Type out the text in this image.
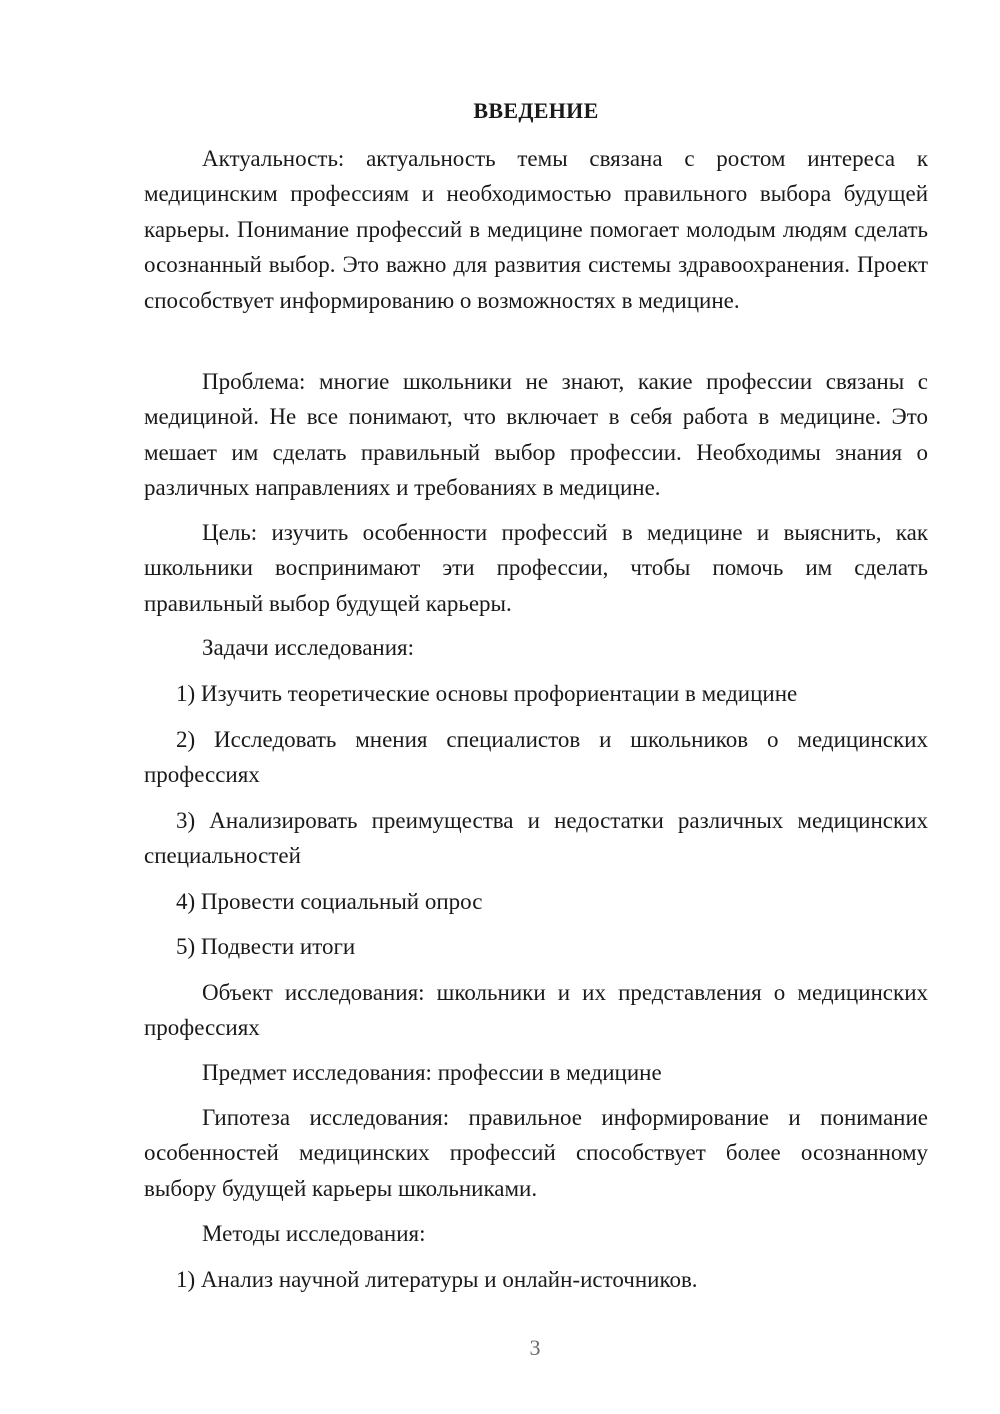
ВВЕДЕНИЕ

Актуальность: актуальность темы связана с ростом интереса к медицинским профессиям и необходимостью правильного выбора будущей карьеры. Понимание профессий в медицине помогает молодым людям сделать осознанный выбор. Это важно для развития системы здравоохранения. Проект способствует информированию о возможностях в медицине.

Проблема: многие школьники не знают, какие профессии связаны с медициной. Не все понимают, что включает в себя работа в медицине. Это мешает им сделать правильный выбор профессии. Необходимы знания о различных направлениях и требованиях в медицине.

Цель: изучить особенности профессий в медицине и выяснить, как школьники воспринимают эти профессии, чтобы помочь им сделать правильный выбор будущей карьеры.

Задачи исследования:

1) Изучить теоретические основы профориентации в медицине

2) Исследовать мнения специалистов и школьников о медицинских профессиях

3) Анализировать преимущества и недостатки различных медицинских специальностей

4) Провести социальный опрос

5) Подвести итоги

Объект исследования: школьники и их представления о медицинских профессиях

Предмет исследования: профессии в медицине

Гипотеза исследования: правильное информирование и понимание особенностей медицинских профессий способствует более осознанному выбору будущей карьеры школьниками.

Методы исследования:

1) Анализ научной литературы и онлайн-источников.

3
